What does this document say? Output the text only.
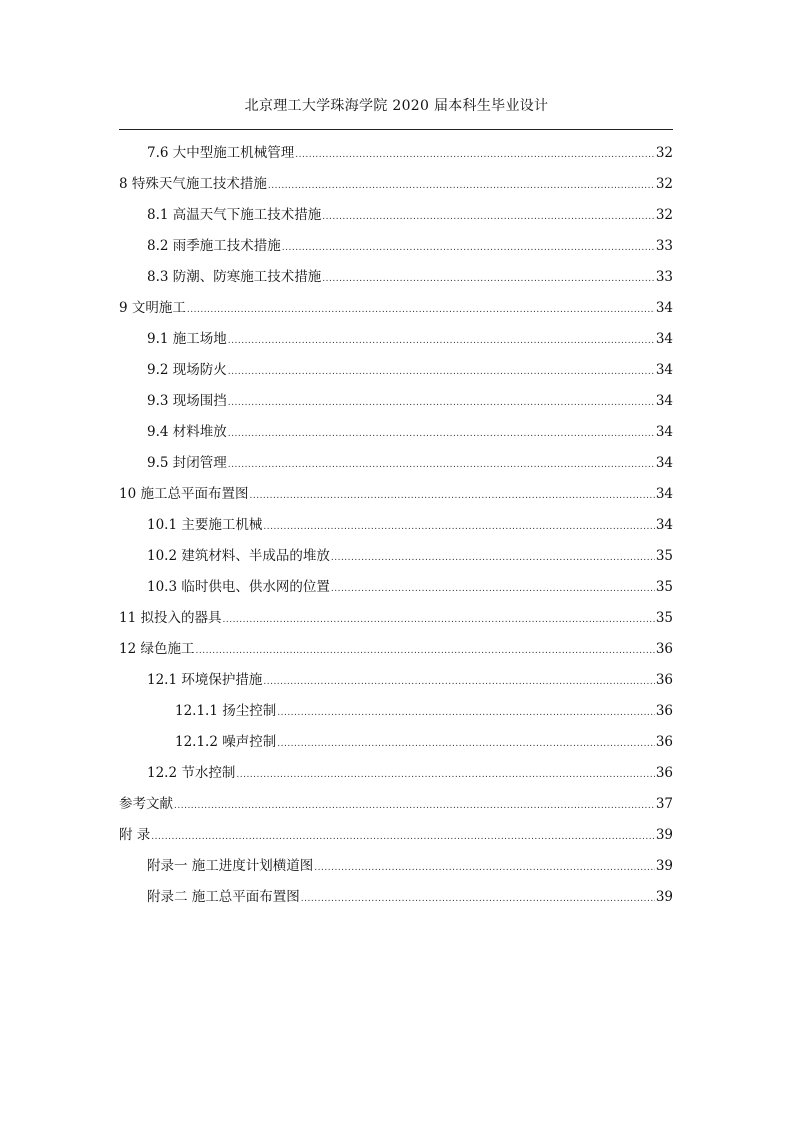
北京理工大学珠海学院 2020 届本科生毕业设计
7.6 大中型施工机械管理 .....	32
8 特殊天气施工技术措施 .....	32
8.1 高温天气下施工技术措施 .....	32
8.2 雨季施工技术措施 .....	33
8.3 防潮、防寒施工技术措施 .....	33
9 文明施工 .....	34
9.1 施工场地 .....	34
9.2 现场防火 .....	34
9.3 现场围挡 .....	34
9.4 材料堆放 .....	34
9.5 封闭管理 .....	34
10 施工总平面布置图 .....	34
10.1 主要施工机械 .....	34
10.2 建筑材料、半成品的堆放 .....	35
10.3 临时供电、供水网的位置 .....	35
11 拟投入的器具 .....	35
12 绿色施工 .....	36
12.1 环境保护措施 .....	36
12.1.1 扬尘控制 .....	36
12.1.2 噪声控制 .....	36
12.2 节水控制 .....	36
参考文献 .....	37
附 录 .....	39
附录一 施工进度计划横道图 .....	39
附录二 施工总平面布置图 .....	39
